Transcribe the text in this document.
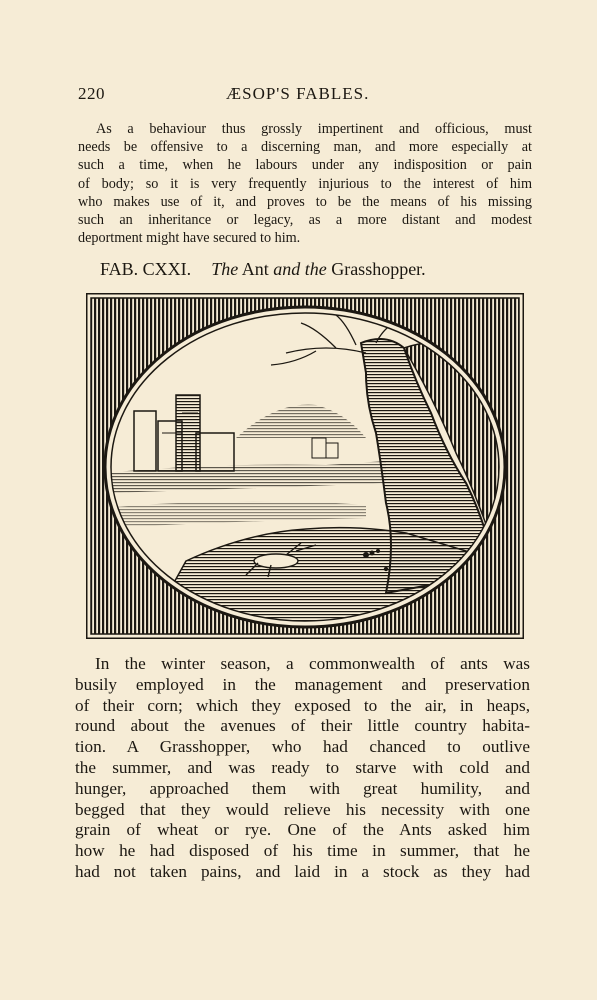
220	ÆSOP'S FABLES.
As a behaviour thus grossly impertinent and officious, must
needs be offensive to a discerning man, and more especially at
such a time, when he labours under any indisposition or pain
of body; so it is very frequently injurious to the interest of him
who makes use of it, and proves to be the means of his missing
such an inheritance or legacy, as a more distant and modest
deportment might have secured to him.
FAB. CXXI. The Ant and the Grasshopper.
In the winter season, a commonwealth of ants was
busily employed in the management and preservation
of their corn; which they exposed to the air, in heaps,
round about the avenues of their little country habita-
tion. A Grasshopper, who had chanced to outlive
the summer, and was ready to starve with cold and
hunger, approached them with great humility, and
begged that they would relieve his necessity with one
grain of wheat or rye. One of the Ants asked him
how he had disposed of his time in summer, that he
had not taken pains, and laid in a stock as they had
